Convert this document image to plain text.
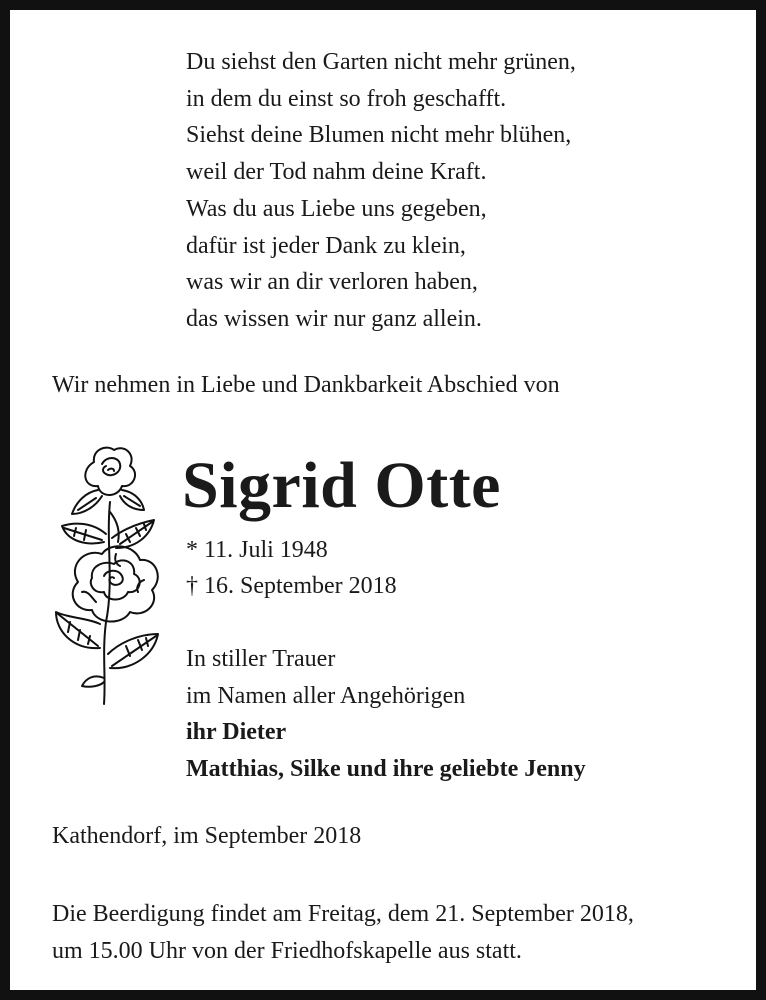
Du siehst den Garten nicht mehr grünen,
in dem du einst so froh geschafft.
Siehst deine Blumen nicht mehr blühen,
weil der Tod nahm deine Kraft.
Was du aus Liebe uns gegeben,
dafür ist jeder Dank zu klein,
was wir an dir verloren haben,
das wissen wir nur ganz allein.
Wir nehmen in Liebe und Dankbarkeit Abschied von
Sigrid Otte
* 11. Juli 1948
† 16. September 2018
In stiller Trauer
im Namen aller Angehörigen
ihr Dieter
Matthias, Silke und ihre geliebte Jenny
Kathendorf, im September 2018
Die Beerdigung findet am Freitag, dem 21. September 2018,
um 15.00 Uhr von der Friedhofskapelle aus statt.
